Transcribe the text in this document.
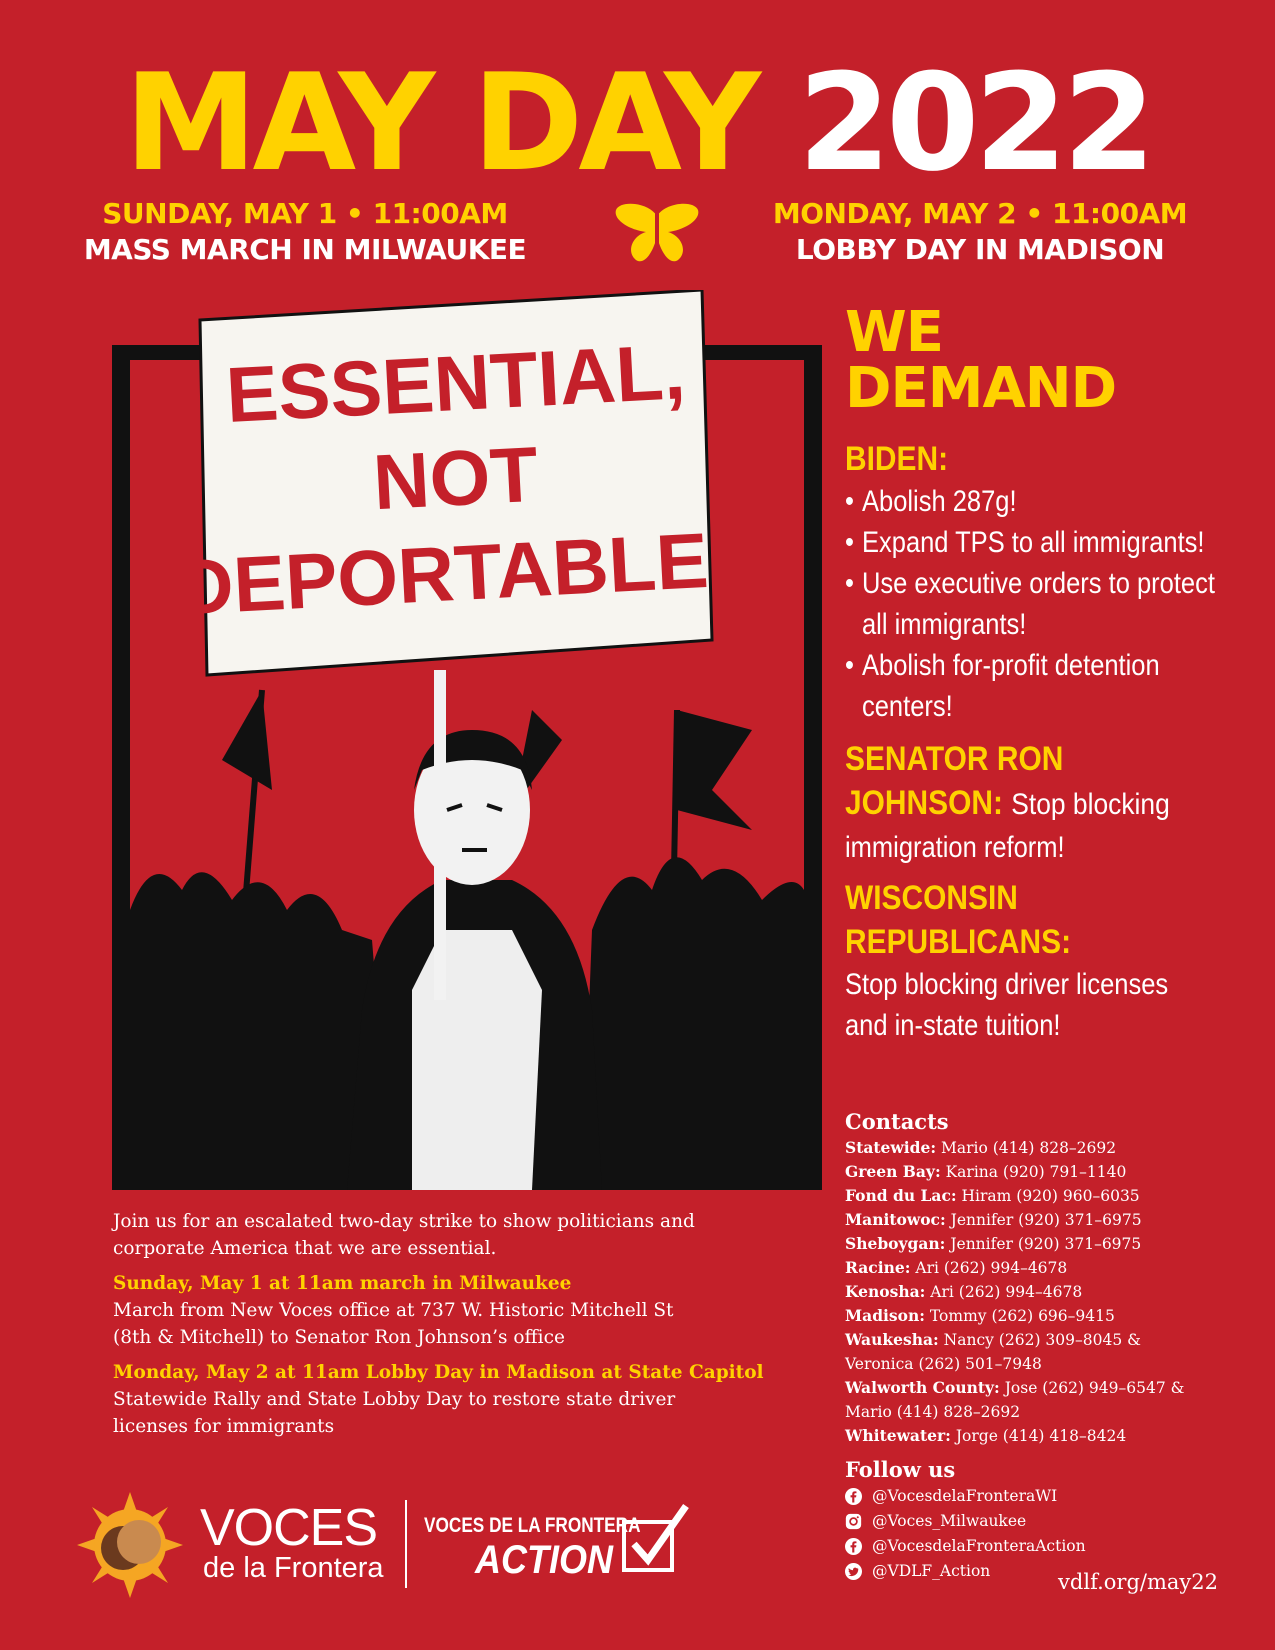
MAY DAY 2022
SUNDAY, MAY 1 • 11:00AM
MASS MARCH IN MILWAUKEE
MONDAY, MAY 2 • 11:00AM
LOBBY DAY IN MADISON
ESSENTIAL,
NOT
DEPORTABLE!
WE
DEMAND
BIDEN:
• Abolish 287g!
• Expand TPS to all immigrants!
• Use executive orders to protect
all immigrants!
• Abolish for-profit detention
centers!
SENATOR RON
JOHNSON: Stop blocking
immigration reform!
WISCONSIN
REPUBLICANS:
Stop blocking driver licenses
and in-state tuition!
Join us for an escalated two-day strike to show politicians and
corporate America that we are essential.
Sunday, May 1 at 11am march in Milwaukee
March from New Voces office at 737 W. Historic Mitchell St
(8th & Mitchell) to Senator Ron Johnson’s office
Monday, May 2 at 11am Lobby Day in Madison at State Capitol
Statewide Rally and State Lobby Day to restore state driver
licenses for immigrants
Contacts
Statewide: Mario (414) 828–2692
Green Bay: Karina (920) 791–1140
Fond du Lac: Hiram (920) 960–6035
Manitowoc: Jennifer (920) 371–6975
Sheboygan: Jennifer (920) 371–6975
Racine: Ari (262) 994–4678
Kenosha: Ari (262) 994–4678
Madison: Tommy (262) 696–9415
Waukesha: Nancy (262) 309–8045 &
Veronica (262) 501–7948
Walworth County: Jose (262) 949–6547 &
Mario (414) 828–2692
Whitewater: Jorge (414) 418–8424
Follow us
@VocesdelaFronteraWI
@Voces_Milwaukee
@VocesdelaFronteraAction
@VDLF_Action	vdlf.org/may22
VOCES
de la Frontera
VOCES DE LA FRONTERA
ACTION
